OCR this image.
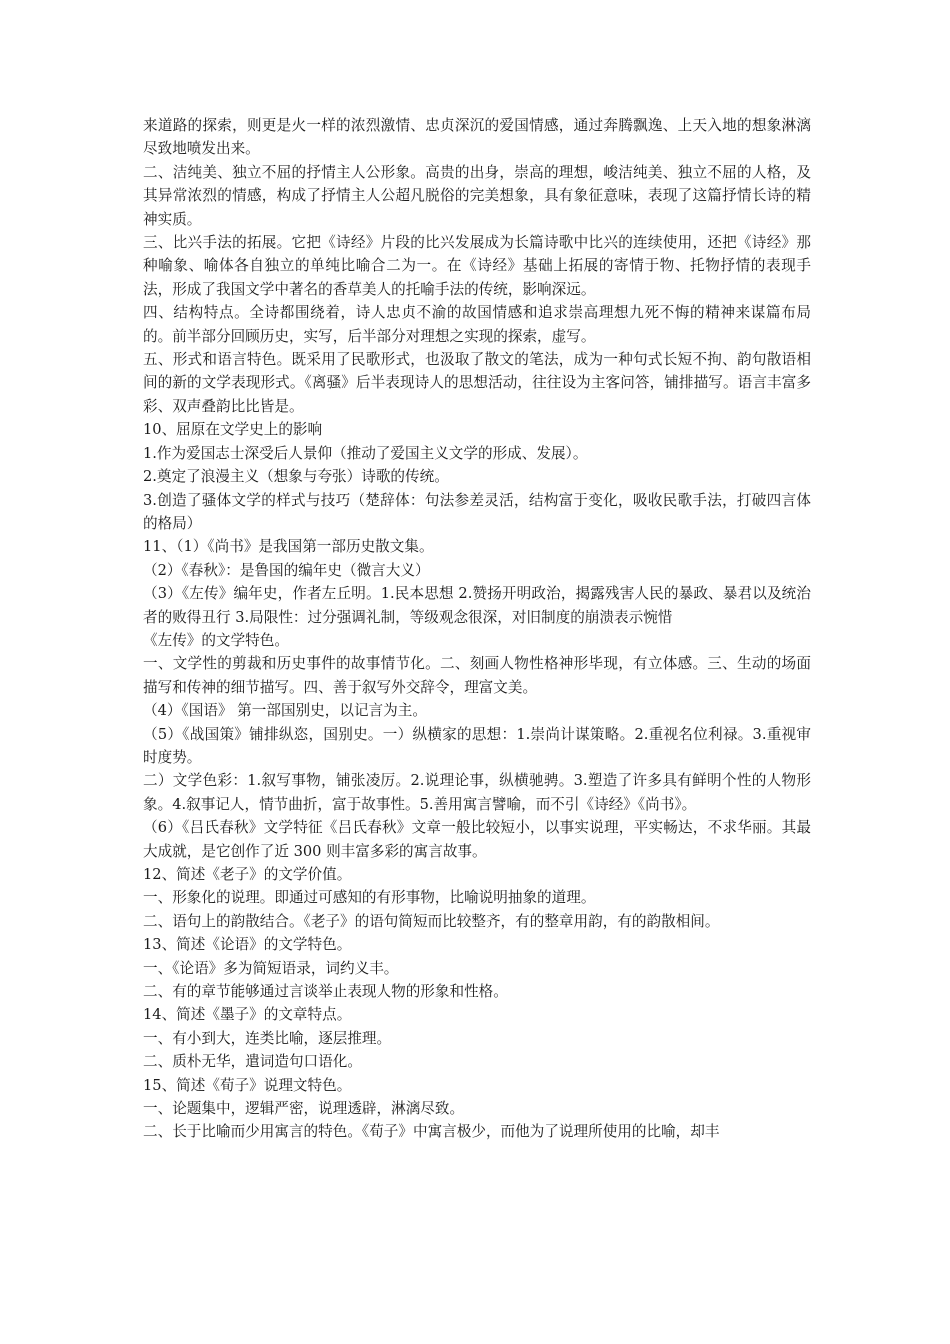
来道路的探索，则更是火一样的浓烈激情、忠贞深沉的爱国情感，通过奔腾飘逸、上天入地的想象淋漓尽致地喷发出来。

二、洁纯美、独立不屈的抒情主人公形象。高贵的出身，崇高的理想，峻洁纯美、独立不屈的人格，及其异常浓烈的情感，构成了抒情主人公超凡脱俗的完美想象，具有象征意味，表现了这篇抒情长诗的精神实质。

三、比兴手法的拓展。它把《诗经》片段的比兴发展成为长篇诗歌中比兴的连续使用，还把《诗经》那种喻象、喻体各自独立的单纯比喻合二为一。在《诗经》基础上拓展的寄情于物、托物抒情的表现手法，形成了我国文学中著名的香草美人的托喻手法的传统，影响深远。

四、结构特点。全诗都围绕着，诗人忠贞不渝的故国情感和追求崇高理想九死不悔的精神来谋篇布局的。前半部分回顾历史，实写，后半部分对理想之实现的探索，虚写。

五、形式和语言特色。既采用了民歌形式，也汲取了散文的笔法，成为一种句式长短不拘、韵句散语相间的新的文学表现形式。《离骚》后半表现诗人的思想活动，往往设为主客问答，铺排描写。语言丰富多彩、双声叠韵比比皆是。

10、屈原在文学史上的影响

1.作为爱国志士深受后人景仰（推动了爱国主义文学的形成、发展）。

2.奠定了浪漫主义（想象与夸张）诗歌的传统。

3.创造了骚体文学的样式与技巧（楚辞体：句法参差灵活，结构富于变化，吸收民歌手法，打破四言体的格局）

11、（1）《尚书》是我国第一部历史散文集。

（2）《春秋》：是鲁国的编年史（微言大义）

（3）《左传》编年史，作者左丘明。1.民本思想 2.赞扬开明政治，揭露残害人民的暴政、暴君以及统治者的败得丑行 3.局限性：过分强调礼制，等级观念很深，对旧制度的崩溃表示惋惜

《左传》的文学特色。

一、文学性的剪裁和历史事件的故事情节化。二、刻画人物性格神形毕现，有立体感。三、生动的场面描写和传神的细节描写。四、善于叙写外交辞令，理富文美。

（4）《国语》 第一部国别史，以记言为主。

（5）《战国策》铺排纵恣，国别史。一）纵横家的思想：1.崇尚计谋策略。2.重视名位利禄。3.重视审时度势。

二）文学色彩：1.叙写事物，铺张凌厉。2.说理论事，纵横驰骋。3.塑造了许多具有鲜明个性的人物形象。4.叙事记人，情节曲折，富于故事性。5.善用寓言譬喻，而不引《诗经》《尚书》。

（6）《吕氏春秋》文学特征《吕氏春秋》文章一般比较短小，以事实说理，平实畅达，不求华丽。其最大成就，是它创作了近 300 则丰富多彩的寓言故事。

12、简述《老子》的文学价值。

一、形象化的说理。即通过可感知的有形事物，比喻说明抽象的道理。

二、语句上的韵散结合。《老子》的语句简短而比较整齐，有的整章用韵，有的韵散相间。

13、简述《论语》的文学特色。

一、《论语》多为简短语录，词约义丰。

二、有的章节能够通过言谈举止表现人物的形象和性格。

14、简述《墨子》的文章特点。

一、有小到大，连类比喻，逐层推理。

二、质朴无华，遣词造句口语化。

15、简述《荀子》说理文特色。

一、论题集中，逻辑严密，说理透辟，淋漓尽致。

二、长于比喻而少用寓言的特色。《荀子》中寓言极少，而他为了说理所使用的比喻，却丰
